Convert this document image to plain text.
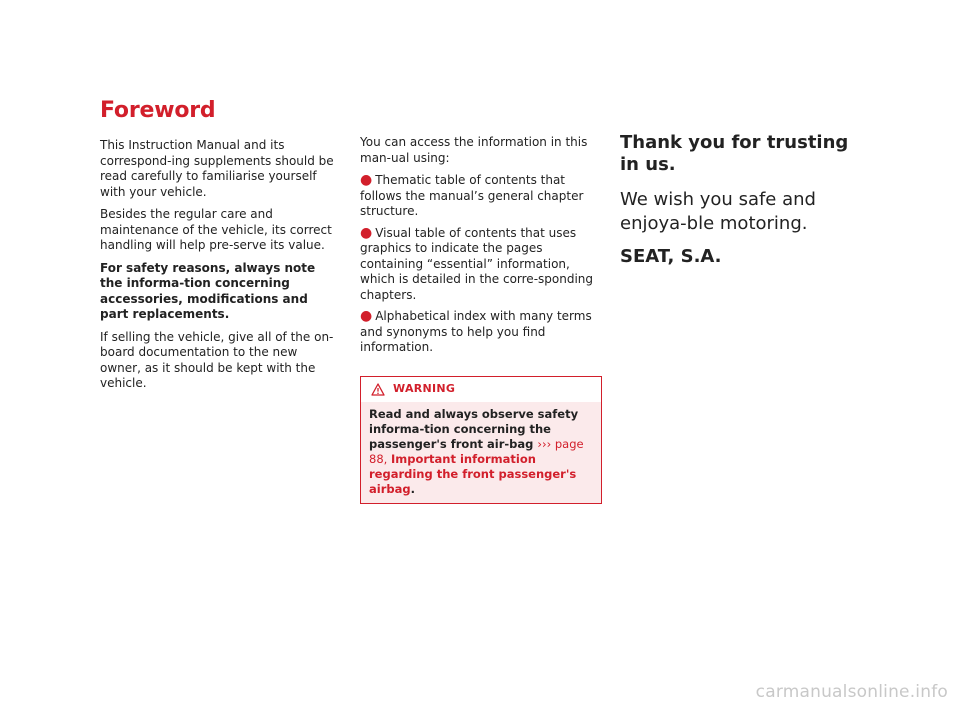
Foreword

This Instruction Manual and its correspond-ing supplements should be read carefully to familiarise yourself with your vehicle.

Besides the regular care and maintenance of the vehicle, its correct handling will help pre-serve its value.

For safety reasons, always note the informa-tion concerning accessories, modifications and part replacements.

If selling the vehicle, give all of the on-board documentation to the new owner, as it should be kept with the vehicle.

You can access the information in this man-ual using:

● Thematic table of contents that follows the manual’s general chapter structure.

● Visual table of contents that uses graphics to indicate the pages containing “essential” information, which is detailed in the corre-sponding chapters.

● Alphabetical index with many terms and synonyms to help you find information.

WARNING
Read and always observe safety informa-tion concerning the passenger's front air-bag ››› page 88, Important information regarding the front passenger's airbag.

Thank you for trusting in us.

We wish you safe and enjoya-ble motoring.

SEAT, S.A.

carmanualsonline.info
